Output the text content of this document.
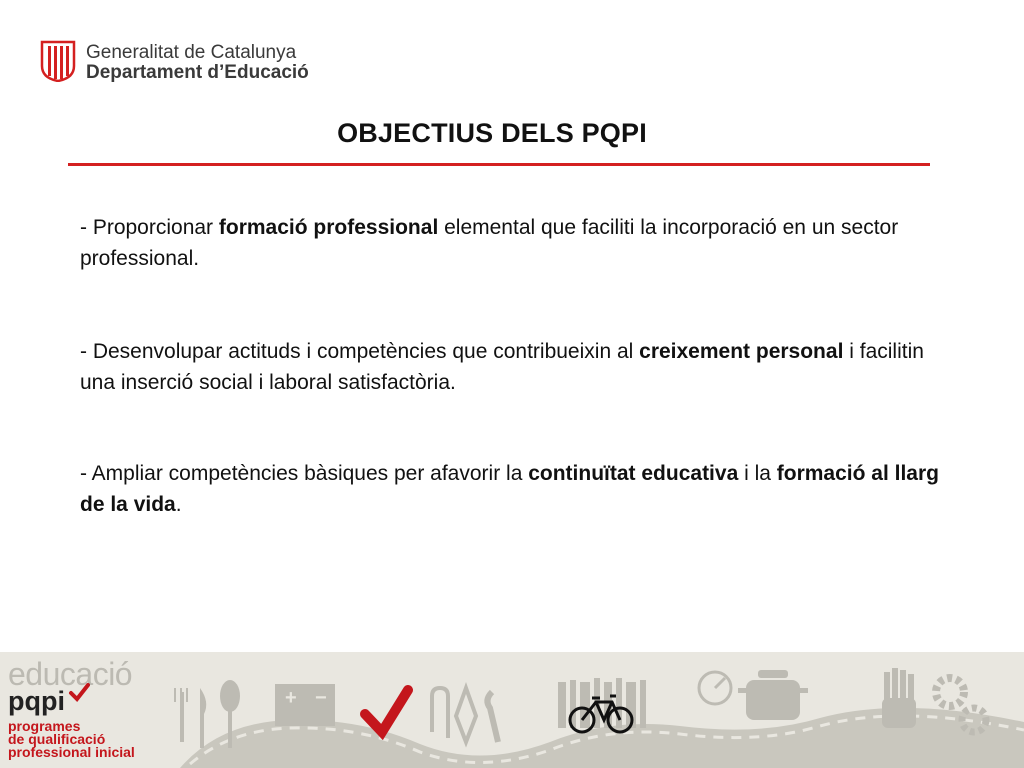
Generalitat de Catalunya
Departament d’Educació
OBJECTIUS DELS PQPI
- Proporcionar formació professional elemental que faciliti la incorporació en un sector professional.
- Desenvolupar actituds i competències que contribueixin al creixement personal i facilitin una inserció social i laboral satisfactòria.
- Ampliar competències bàsiques per afavorir la continuïtat educativa i la formació al llarg de la vida.
educació
pqpi
programes
de qualificació
professional inicial
+ −
